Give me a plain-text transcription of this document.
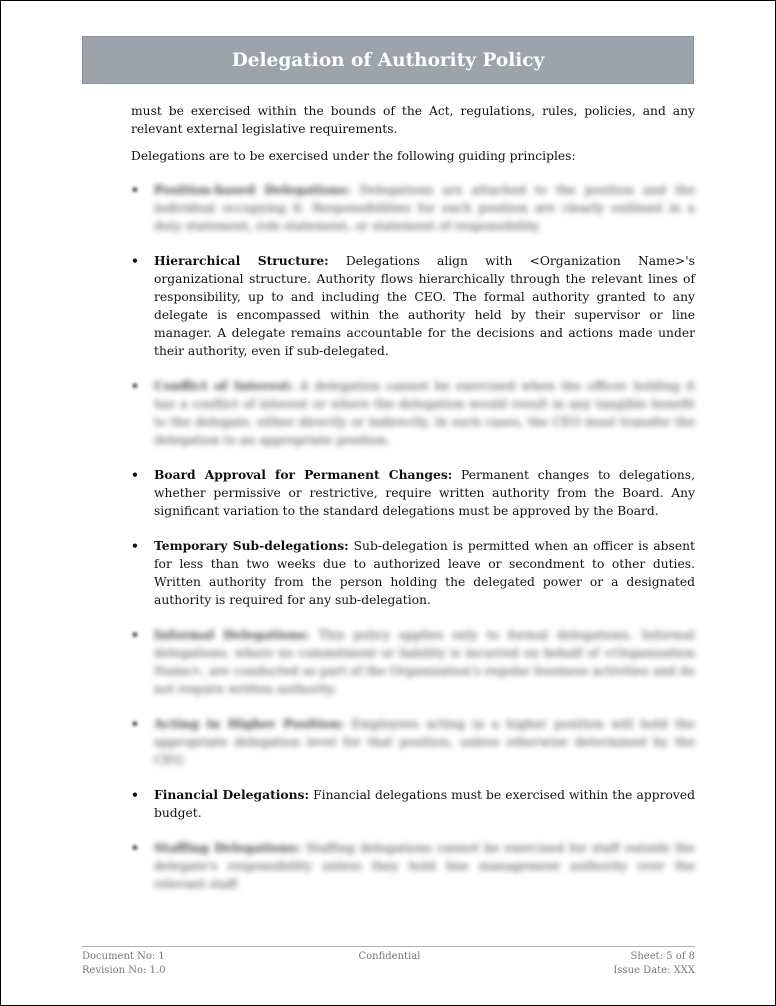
Delegation of Authority Policy

must be exercised within the bounds of the Act, regulations, rules, policies, and any relevant external legislative requirements.

Delegations are to be exercised under the following guiding principles:

• Position-based Delegations: Delegations are attached to the position and the individual occupying it. Responsibilities for each position are clearly outlined in a duty statement, role statement, or statement of responsibility.
• Hierarchical Structure: Delegations align with <Organization Name>'s organizational structure. Authority flows hierarchically through the relevant lines of responsibility, up to and including the CEO. The formal authority granted to any delegate is encompassed within the authority held by their supervisor or line manager. A delegate remains accountable for the decisions and actions made under their authority, even if sub-delegated.
• Conflict of Interest: A delegation cannot be exercised when the officer holding it has a conflict of interest or where the delegation would result in any tangible benefit to the delegate, either directly or indirectly. In such cases, the CEO must transfer the delegation to an appropriate position.
• Board Approval for Permanent Changes: Permanent changes to delegations, whether permissive or restrictive, require written authority from the Board. Any significant variation to the standard delegations must be approved by the Board.
• Temporary Sub-delegations: Sub-delegation is permitted when an officer is absent for less than two weeks due to authorized leave or secondment to other duties. Written authority from the person holding the delegated power or a designated authority is required for any sub-delegation.
• Informal Delegations: This policy applies only to formal delegations. Informal delegations, where no commitment or liability is incurred on behalf of <Organization Name>, are conducted as part of the Organization's regular business activities and do not require written authority.
• Acting in Higher Position: Employees acting in a higher position will hold the appropriate delegation level for that position, unless otherwise determined by the CEO.
• Financial Delegations: Financial delegations must be exercised within the approved budget.
• Staffing Delegations: Staffing delegations cannot be exercised for staff outside the delegate's responsibility unless they hold line management authority over the relevant staff.
Document No: 1
Revision No: 1.0
Confidential	Sheet: 5 of 8
Issue Date: XXX
